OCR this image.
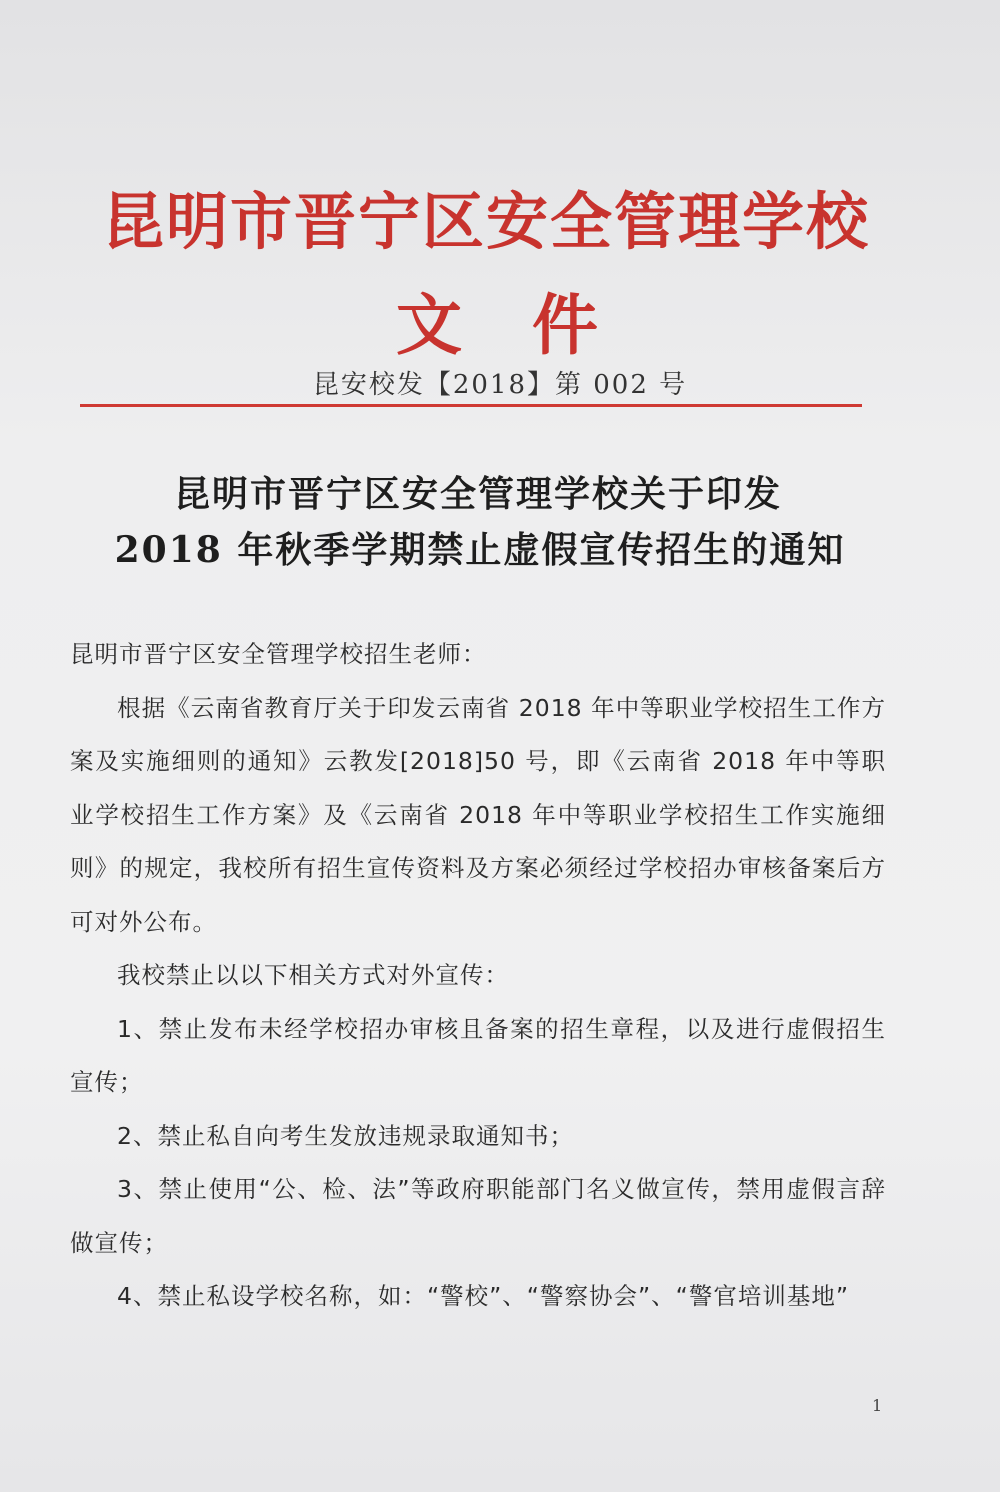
昆明市晋宁区安全管理学校
文件

昆安校发【2018】第 002 号

昆明市晋宁区安全管理学校关于印发
2018 年秋季学期禁止虚假宣传招生的通知

昆明市晋宁区安全管理学校招生老师：

根据《云南省教育厅关于印发云南省 2018 年中等职业学校招生工作方案及实施细则的通知》云教发[2018]50 号，即《云南省 2018 年中等职业学校招生工作方案》及《云南省 2018 年中等职业学校招生工作实施细则》的规定，我校所有招生宣传资料及方案必须经过学校招办审核备案后方可对外公布。

我校禁止以以下相关方式对外宣传：

1、禁止发布未经学校招办审核且备案的招生章程，以及进行虚假招生宣传；

2、禁止私自向考生发放违规录取通知书；

3、禁止使用“公、检、法”等政府职能部门名义做宣传，禁用虚假言辞做宣传；

4、禁止私设学校名称，如：“警校”、“警察协会”、“警官培训基地”

1
